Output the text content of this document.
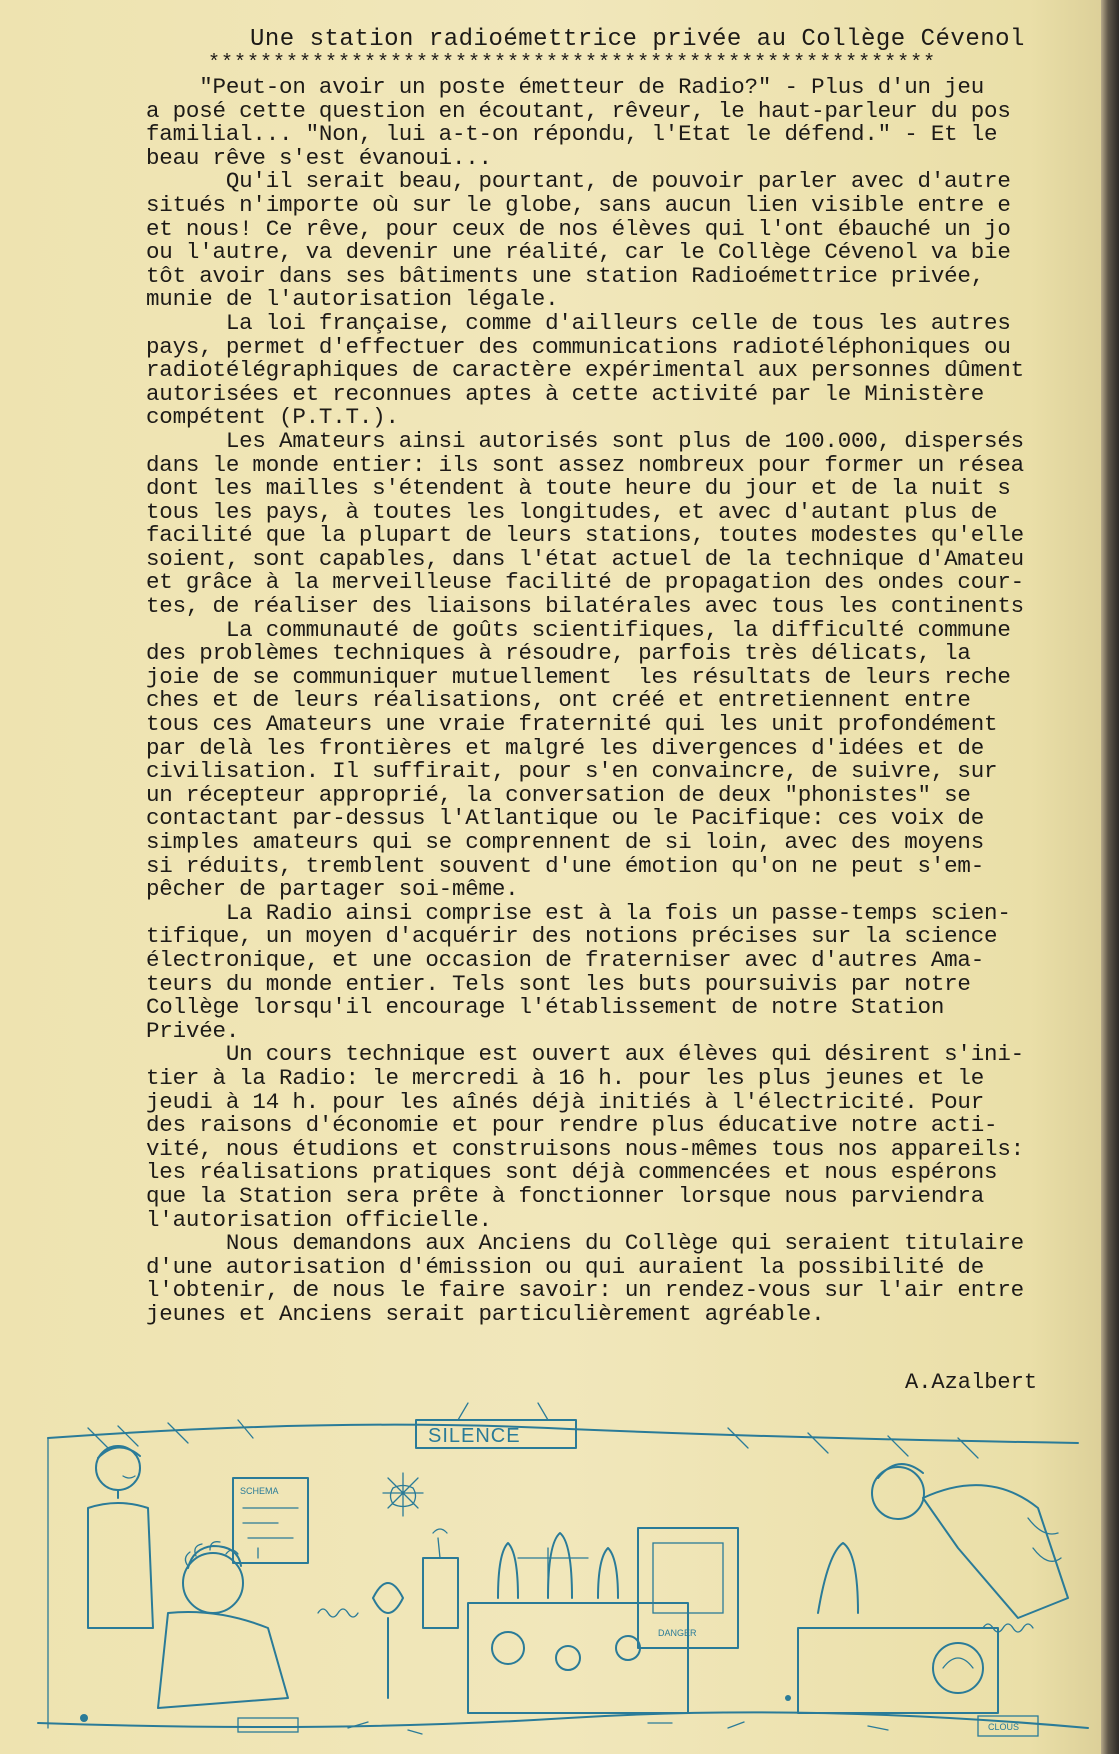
Une station radioémettrice privée au Collège Cévenol
********************************************************

"Peut-on avoir un poste émetteur de Radio?" - Plus d'un jeu

a posé cette question en écoutant, rêveur, le haut-parleur du pos

familial... "Non, lui a-t-on répondu, l'Etat le défend." - Et le

beau rêve s'est évanoui...

Qu'il serait beau, pourtant, de pouvoir parler avec d'autre

situés n'importe où sur le globe, sans aucun lien visible entre e

et nous! Ce rêve, pour ceux de nos élèves qui l'ont ébauché un jo

ou l'autre, va devenir une réalité, car le Collège Cévenol va bie

tôt avoir dans ses bâtiments une station Radioémettrice privée,

munie de l'autorisation légale.

La loi française, comme d'ailleurs celle de tous les autres

pays, permet d'effectuer des communications radiotéléphoniques ou

radiotélégraphiques de caractère expérimental aux personnes dûment

autorisées et reconnues aptes à cette activité par le Ministère

compétent (P.T.T.).

Les Amateurs ainsi autorisés sont plus de 100.000, dispersés

dans le monde entier: ils sont assez nombreux pour former un résea

dont les mailles s'étendent à toute heure du jour et de la nuit s

tous les pays, à toutes les longitudes, et avec d'autant plus de

facilité que la plupart de leurs stations, toutes modestes qu'elle

soient, sont capables, dans l'état actuel de la technique d'Amateu

et grâce à la merveilleuse facilité de propagation des ondes cour-

tes, de réaliser des liaisons bilatérales avec tous les continents

La communauté de goûts scientifiques, la difficulté commune

des problèmes techniques à résoudre, parfois très délicats, la

joie de se communiquer mutuellement  les résultats de leurs reche

ches et de leurs réalisations, ont créé et entretiennent entre

tous ces Amateurs une vraie fraternité qui les unit profondément

par delà les frontières et malgré les divergences d'idées et de

civilisation. Il suffirait, pour s'en convaincre, de suivre, sur

un récepteur approprié, la conversation de deux "phonistes" se

contactant par-dessus l'Atlantique ou le Pacifique: ces voix de

simples amateurs qui se comprennent de si loin, avec des moyens

si réduits, tremblent souvent d'une émotion qu'on ne peut s'em-

pêcher de partager soi-même.

La Radio ainsi comprise est à la fois un passe-temps scien-

tifique, un moyen d'acquérir des notions précises sur la science

électronique, et une occasion de fraterniser avec d'autres Ama-

teurs du monde entier. Tels sont les buts poursuivis par notre

Collège lorsqu'il encourage l'établissement de notre Station

Privée.

Un cours technique est ouvert aux élèves qui désirent s'ini-

tier à la Radio: le mercredi à 16 h. pour les plus jeunes et le

jeudi à 14 h. pour les aînés déjà initiés à l'électricité. Pour

des raisons d'économie et pour rendre plus éducative notre acti-

vité, nous étudions et construisons nous-mêmes tous nos appareils:

les réalisations pratiques sont déjà commencées et nous espérons

que la Station sera prête à fonctionner lorsque nous parviendra

l'autorisation officielle.

Nous demandons aux Anciens du Collège qui seraient titulaire

d'une autorisation d'émission ou qui auraient la possibilité de

l'obtenir, de nous le faire savoir: un rendez-vous sur l'air entre

jeunes et Anciens serait particulièrement agréable.

A.Azalbert
SILENCE
SCHEMA
DANGER
CLOUS
